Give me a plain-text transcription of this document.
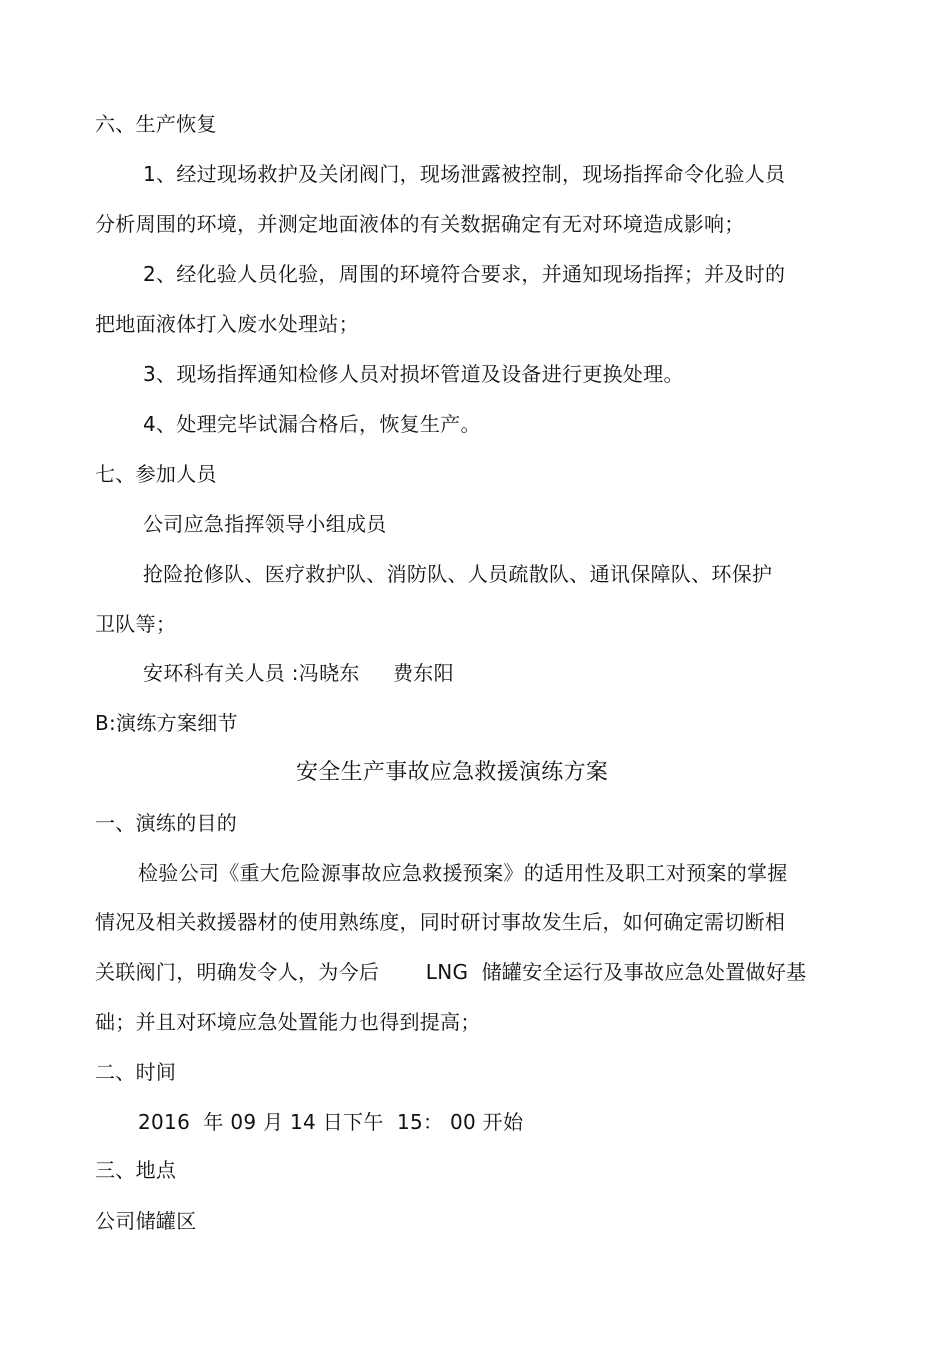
六、生产恢复
1、经过现场救护及关闭阀门，现场泄露被控制，现场指挥命令化验人员
分析周围的环境，并测定地面液体的有关数据确定有无对环境造成影响；
2、经化验人员化验，周围的环境符合要求，并通知现场指挥；并及时的
把地面液体打入废水处理站；
3、现场指挥通知检修人员对损坏管道及设备进行更换处理。
4、处理完毕试漏合格后，恢复生产。
七、参加人员
公司应急指挥领导小组成员
抢险抢修队、医疗救护队、消防队、人员疏散队、通讯保障队、环保护
卫队等；
安环科有关人员 :冯晓东     费东阳
B:演练方案细节
安全生产事故应急救援演练方案
一、演练的目的
检验公司《重大危险源事故应急救援预案》的适用性及职工对预案的掌握
情况及相关救援器材的使用熟练度，同时研讨事故发生后，如何确定需切断相
关联阀门，明确发令人，为今后       LNG  储罐安全运行及事故应急处置做好基
础；并且对环境应急处置能力也得到提高；
二、时间
2016  年 09 月 14 日下午  15： 00 开始
三、地点
公司储罐区
